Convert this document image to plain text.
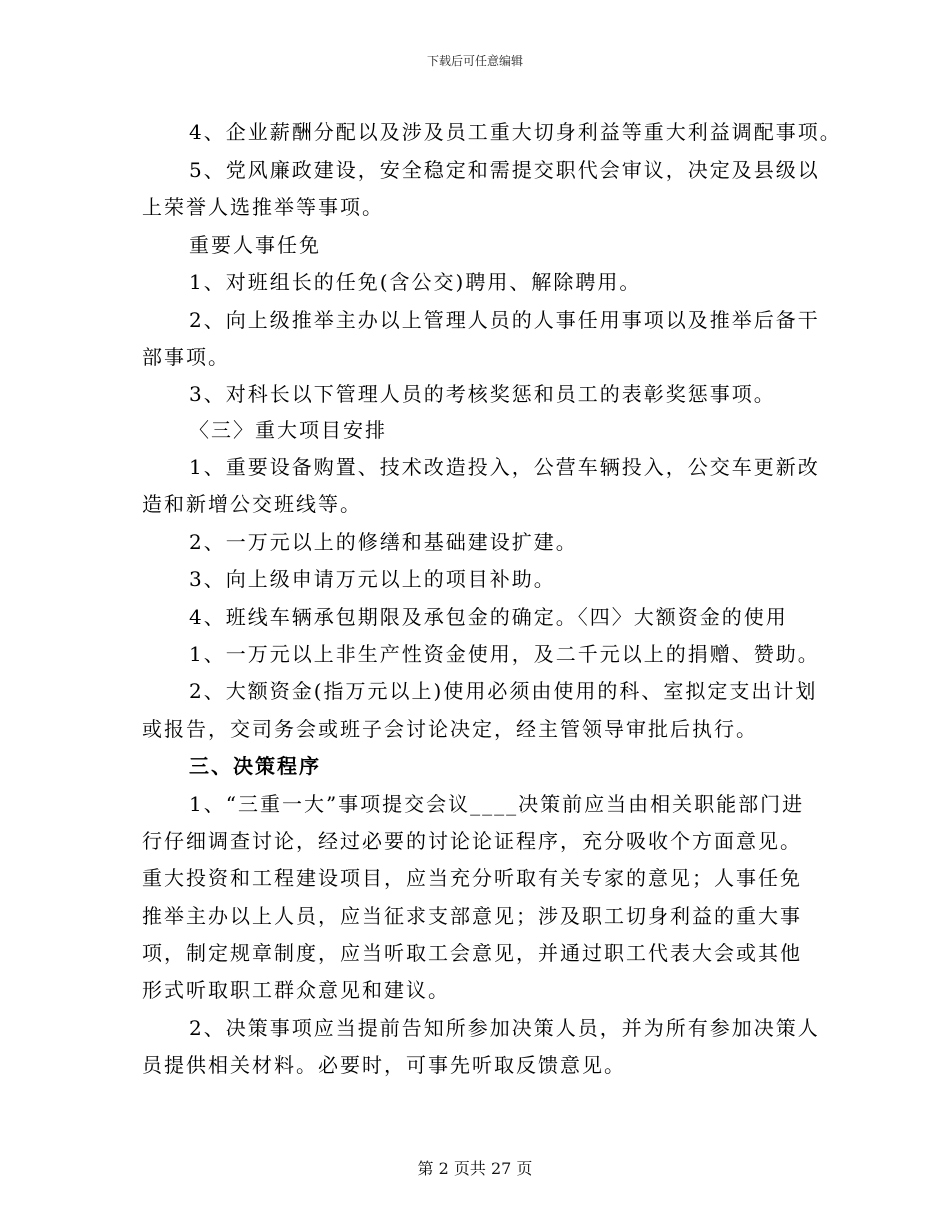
下载后可任意编辑
4、企业薪酬分配以及涉及员工重大切身利益等重大利益调配事项。
5、党风廉政建设，安全稳定和需提交职代会审议，决定及县级以
上荣誉人选推举等事项。
重要人事任免
1、对班组长的任免(含公交)聘用、解除聘用。
2、向上级推举主办以上管理人员的人事任用事项以及推举后备干
部事项。
3、对科长以下管理人员的考核奖惩和员工的表彰奖惩事项。
〈三〉重大项目安排
1、重要设备购置、技术改造投入，公营车辆投入，公交车更新改
造和新增公交班线等。
2、一万元以上的修缮和基础建设扩建。
3、向上级申请万元以上的项目补助。
4、班线车辆承包期限及承包金的确定。〈四〉大额资金的使用
1、一万元以上非生产性资金使用，及二千元以上的捐赠、赞助。
2、大额资金(指万元以上)使用必须由使用的科、室拟定支出计划
或报告，交司务会或班子会讨论决定，经主管领导审批后执行。
三、决策程序
1、“三重一大”事项提交会议____决策前应当由相关职能部门进
行仔细调查讨论，经过必要的讨论论证程序，充分吸收个方面意见。
重大投资和工程建设项目，应当充分听取有关专家的意见；人事任免
推举主办以上人员，应当征求支部意见；涉及职工切身利益的重大事
项，制定规章制度，应当听取工会意见，并通过职工代表大会或其他
形式听取职工群众意见和建议。
2、决策事项应当提前告知所参加决策人员，并为所有参加决策人
员提供相关材料。必要时，可事先听取反馈意见。
第 2 页共 27 页
